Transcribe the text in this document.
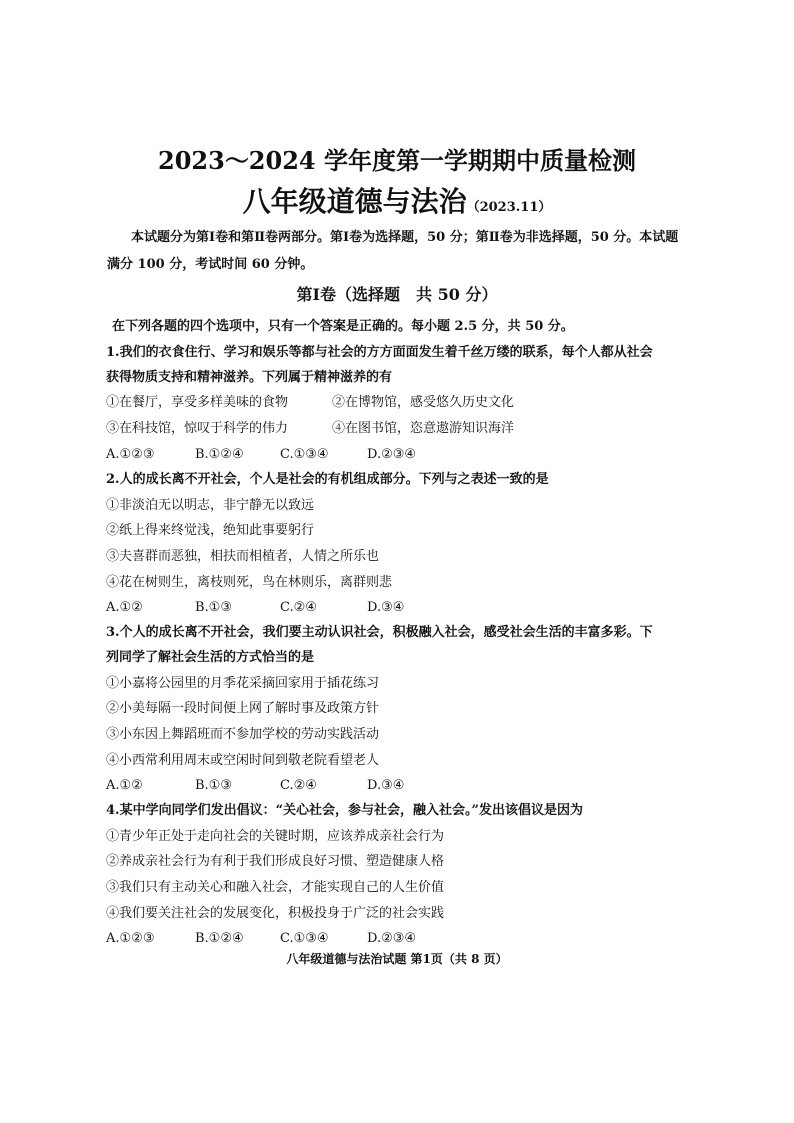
2023～2024 学年度第一学期期中质量检测
八年级道德与法治（2023.11）
本试题分为第Ⅰ卷和第Ⅱ卷两部分。第Ⅰ卷为选择题，50 分；第Ⅱ卷为非选择题，50 分。本试题
满分 100 分，考试时间 60 分钟。
第Ⅰ卷（选择题　共 50 分）
在下列各题的四个选项中，只有一个答案是正确的。每小题 2.5 分，共 50 分。
1.我们的衣食住行、学习和娱乐等都与社会的方方面面发生着千丝万缕的联系，每个人都从社会
获得物质支持和精神滋养。下列属于精神滋养的有
①在餐厅，享受多样美味的食物	②在博物馆，感受悠久历史文化
③在科技馆，惊叹于科学的伟力	④在图书馆，恣意遨游知识海洋
A.①②③	B.①②④	C.①③④	D.②③④
2.人的成长离不开社会，个人是社会的有机组成部分。下列与之表述一致的是
①非淡泊无以明志，非宁静无以致远
②纸上得来终觉浅，绝知此事要躬行
③夫喜群而恶独，相扶而相植者，人情之所乐也
④花在树则生，离枝则死，鸟在林则乐，离群则悲
A.①②	B.①③	C.②④	D.③④
3.个人的成长离不开社会，我们要主动认识社会，积极融入社会，感受社会生活的丰富多彩。下
列同学了解社会生活的方式恰当的是
①小嘉将公园里的月季花采摘回家用于插花练习
②小美每隔一段时间便上网了解时事及政策方针
③小东因上舞蹈班而不参加学校的劳动实践活动
④小西常利用周末或空闲时间到敬老院看望老人
A.①②	B.①③	C.②④	D.③④
4.某中学向同学们发出倡议：“关心社会，参与社会，融入社会。”发出该倡议是因为
①青少年正处于走向社会的关键时期，应该养成亲社会行为
②养成亲社会行为有利于我们形成良好习惯、塑造健康人格
③我们只有主动关心和融入社会，才能实现自己的人生价值
④我们要关注社会的发展变化，积极投身于广泛的社会实践
A.①②③	B.①②④	C.①③④	D.②③④
八年级道德与法治试题 第1页（共 8 页）
